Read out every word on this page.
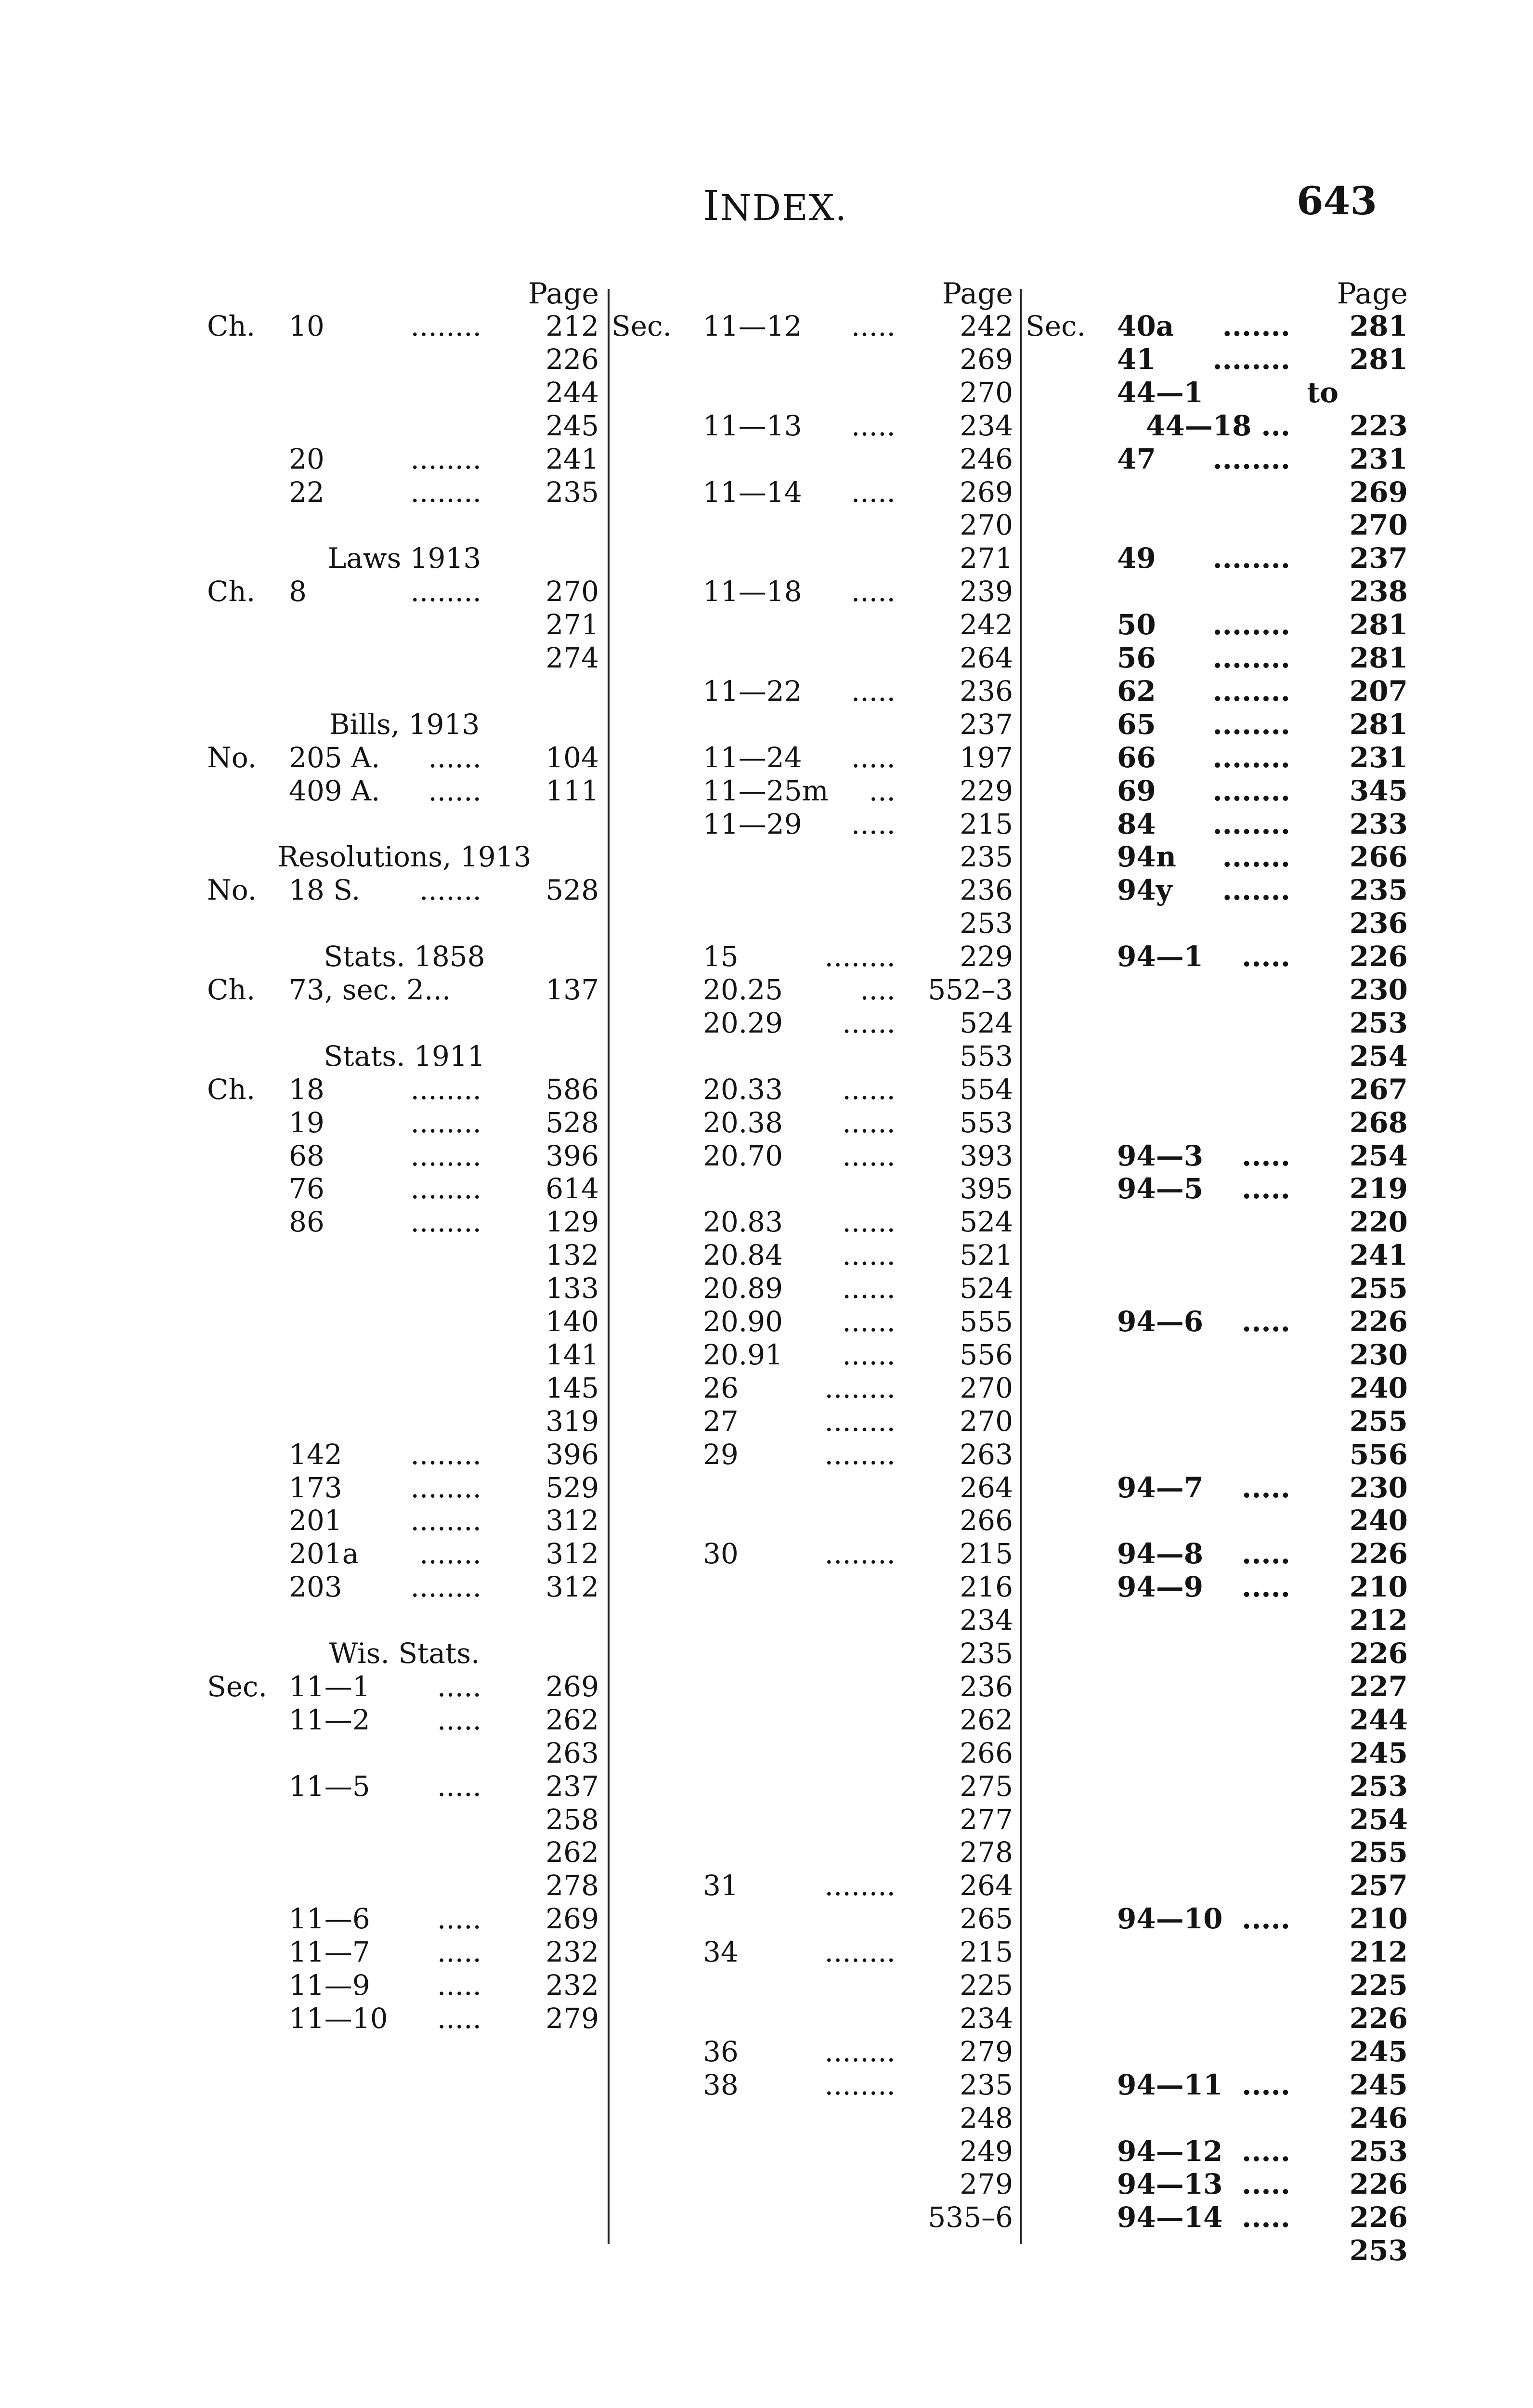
INDEX.	643
Page
Ch. 10	........	212
226
244
245
20	........	241
22	........	235
Laws 1913
Ch. 8	........	270
271
274
Bills, 1913
No. 205 A. ......	104
409 A. ......	111
Resolutions, 1913
No. 18 S. .......	528
Stats. 1858
Ch. 73, sec. 2...	137
Stats. 1911
Ch. 18	........	586
19	........	528
68	........	396
76	........	614
86	........	129
132
133
140
141
145
319
142 ........	396
173 ........	529
201 ........	312
201a .......	312
203 ........	312
Wis. Stats.
Sec. 11—1 .....	269
11—2 .....	262
263
11—5 .....	237
258
262
278
11—6 .....	269
11—7 .....	232
11—9 .....	232
11—10 .....	279
Page
Sec. 11—12 .....	242
269
270
11—13 .....	234
246
11—14 .....	269
270
271
11—18 .....	239
242
264
11—22 .....	236
237
11—24 .....	197
11—25m ...	229
11—29 .....	215
235
236
253
15	........	229
20.25	....	552–3
20.29 ......	524
553
20.33 ......	554
20.38 ......	553
20.70 ......	393
395
20.83 ......	524
20.84 ......	521
20.89 ......	524
20.90 ......	555
20.91 ......	556
26	........	270
27	........	270
29	........	263
264
266
30	........	215
216
234
235
236
262
266
275
277
278
31	........	264
265
34	........	215
225
234
36	........	279
38	........	235
248
249
279
535–6
Page
Sec. 40a .......	281
41 ........	281
44—1	to
44—18 ...	223
47 ........	231
269
270
49 ........	237
238
50 ........	281
56 ........	281
62 ........	207
65 ........	281
66 ........	231
69 ........	345
84 ........	233
94n .......	266
94y .......	235
236
94—1 .....	226
230
253
254
267
268
94—3 .....	254
94—5 .....	219
220
241
255
94—6 .....	226
230
240
255
556
94—7 .....	230
240
94—8 .....	226
94—9 .....	210
212
226
227
244
245
253
254
255
257
94—10 .....	210
212
225
226
245
94—11 .....	245
246
94—12 .....	253
94—13 .....	226
94—14 .....	226
253
